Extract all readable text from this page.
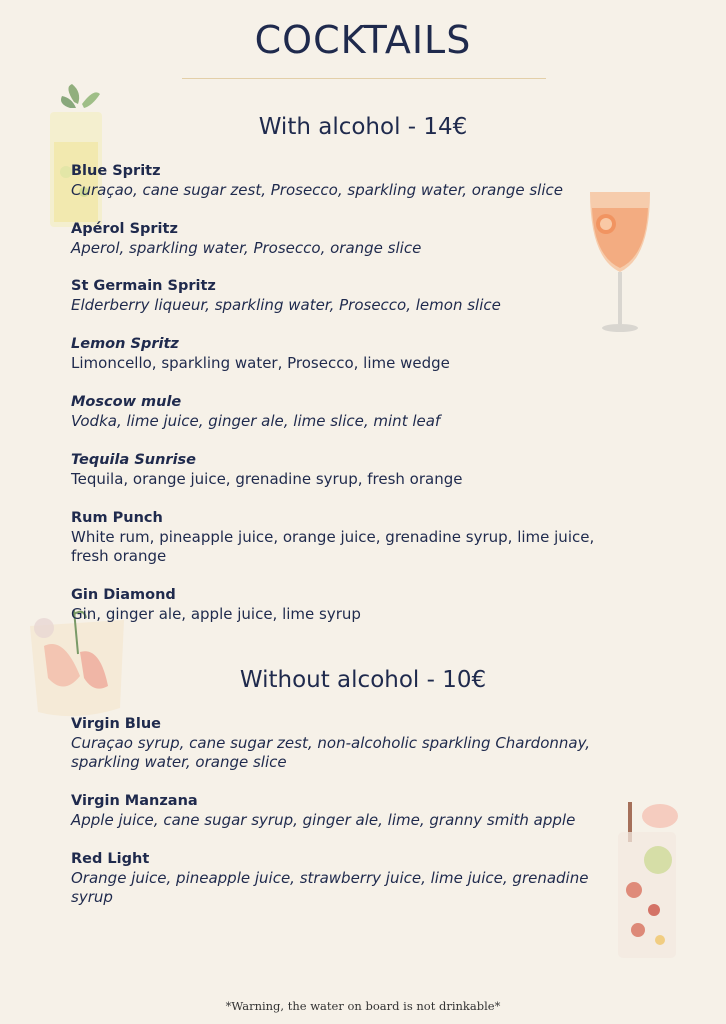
COCKTAILS
With alcohol - 14€
Blue Spritz
Curaçao, cane sugar zest, Prosecco, sparkling water, orange slice
Apérol Spritz
Aperol, sparkling water, Prosecco, orange slice
St Germain Spritz
Elderberry liqueur, sparkling water, Prosecco, lemon slice
Lemon Spritz
Limoncello, sparkling water, Prosecco, lime wedge
Moscow mule
Vodka, lime juice, ginger ale, lime slice, mint leaf
Tequila Sunrise
Tequila, orange juice, grenadine syrup, fresh orange
Rum Punch
White rum, pineapple juice, orange juice, grenadine syrup, lime juice, fresh orange
Gin Diamond
Gin, ginger ale, apple juice, lime syrup
Without alcohol - 10€
Virgin Blue
Curaçao syrup, cane sugar zest, non-alcoholic sparkling Chardonnay, sparkling water, orange slice
Virgin Manzana
Apple juice, cane sugar syrup, ginger ale, lime, granny smith apple
Red Light
Orange juice, pineapple juice, strawberry juice, lime juice, grenadine syrup
*Warning, the water on board is not drinkable*
